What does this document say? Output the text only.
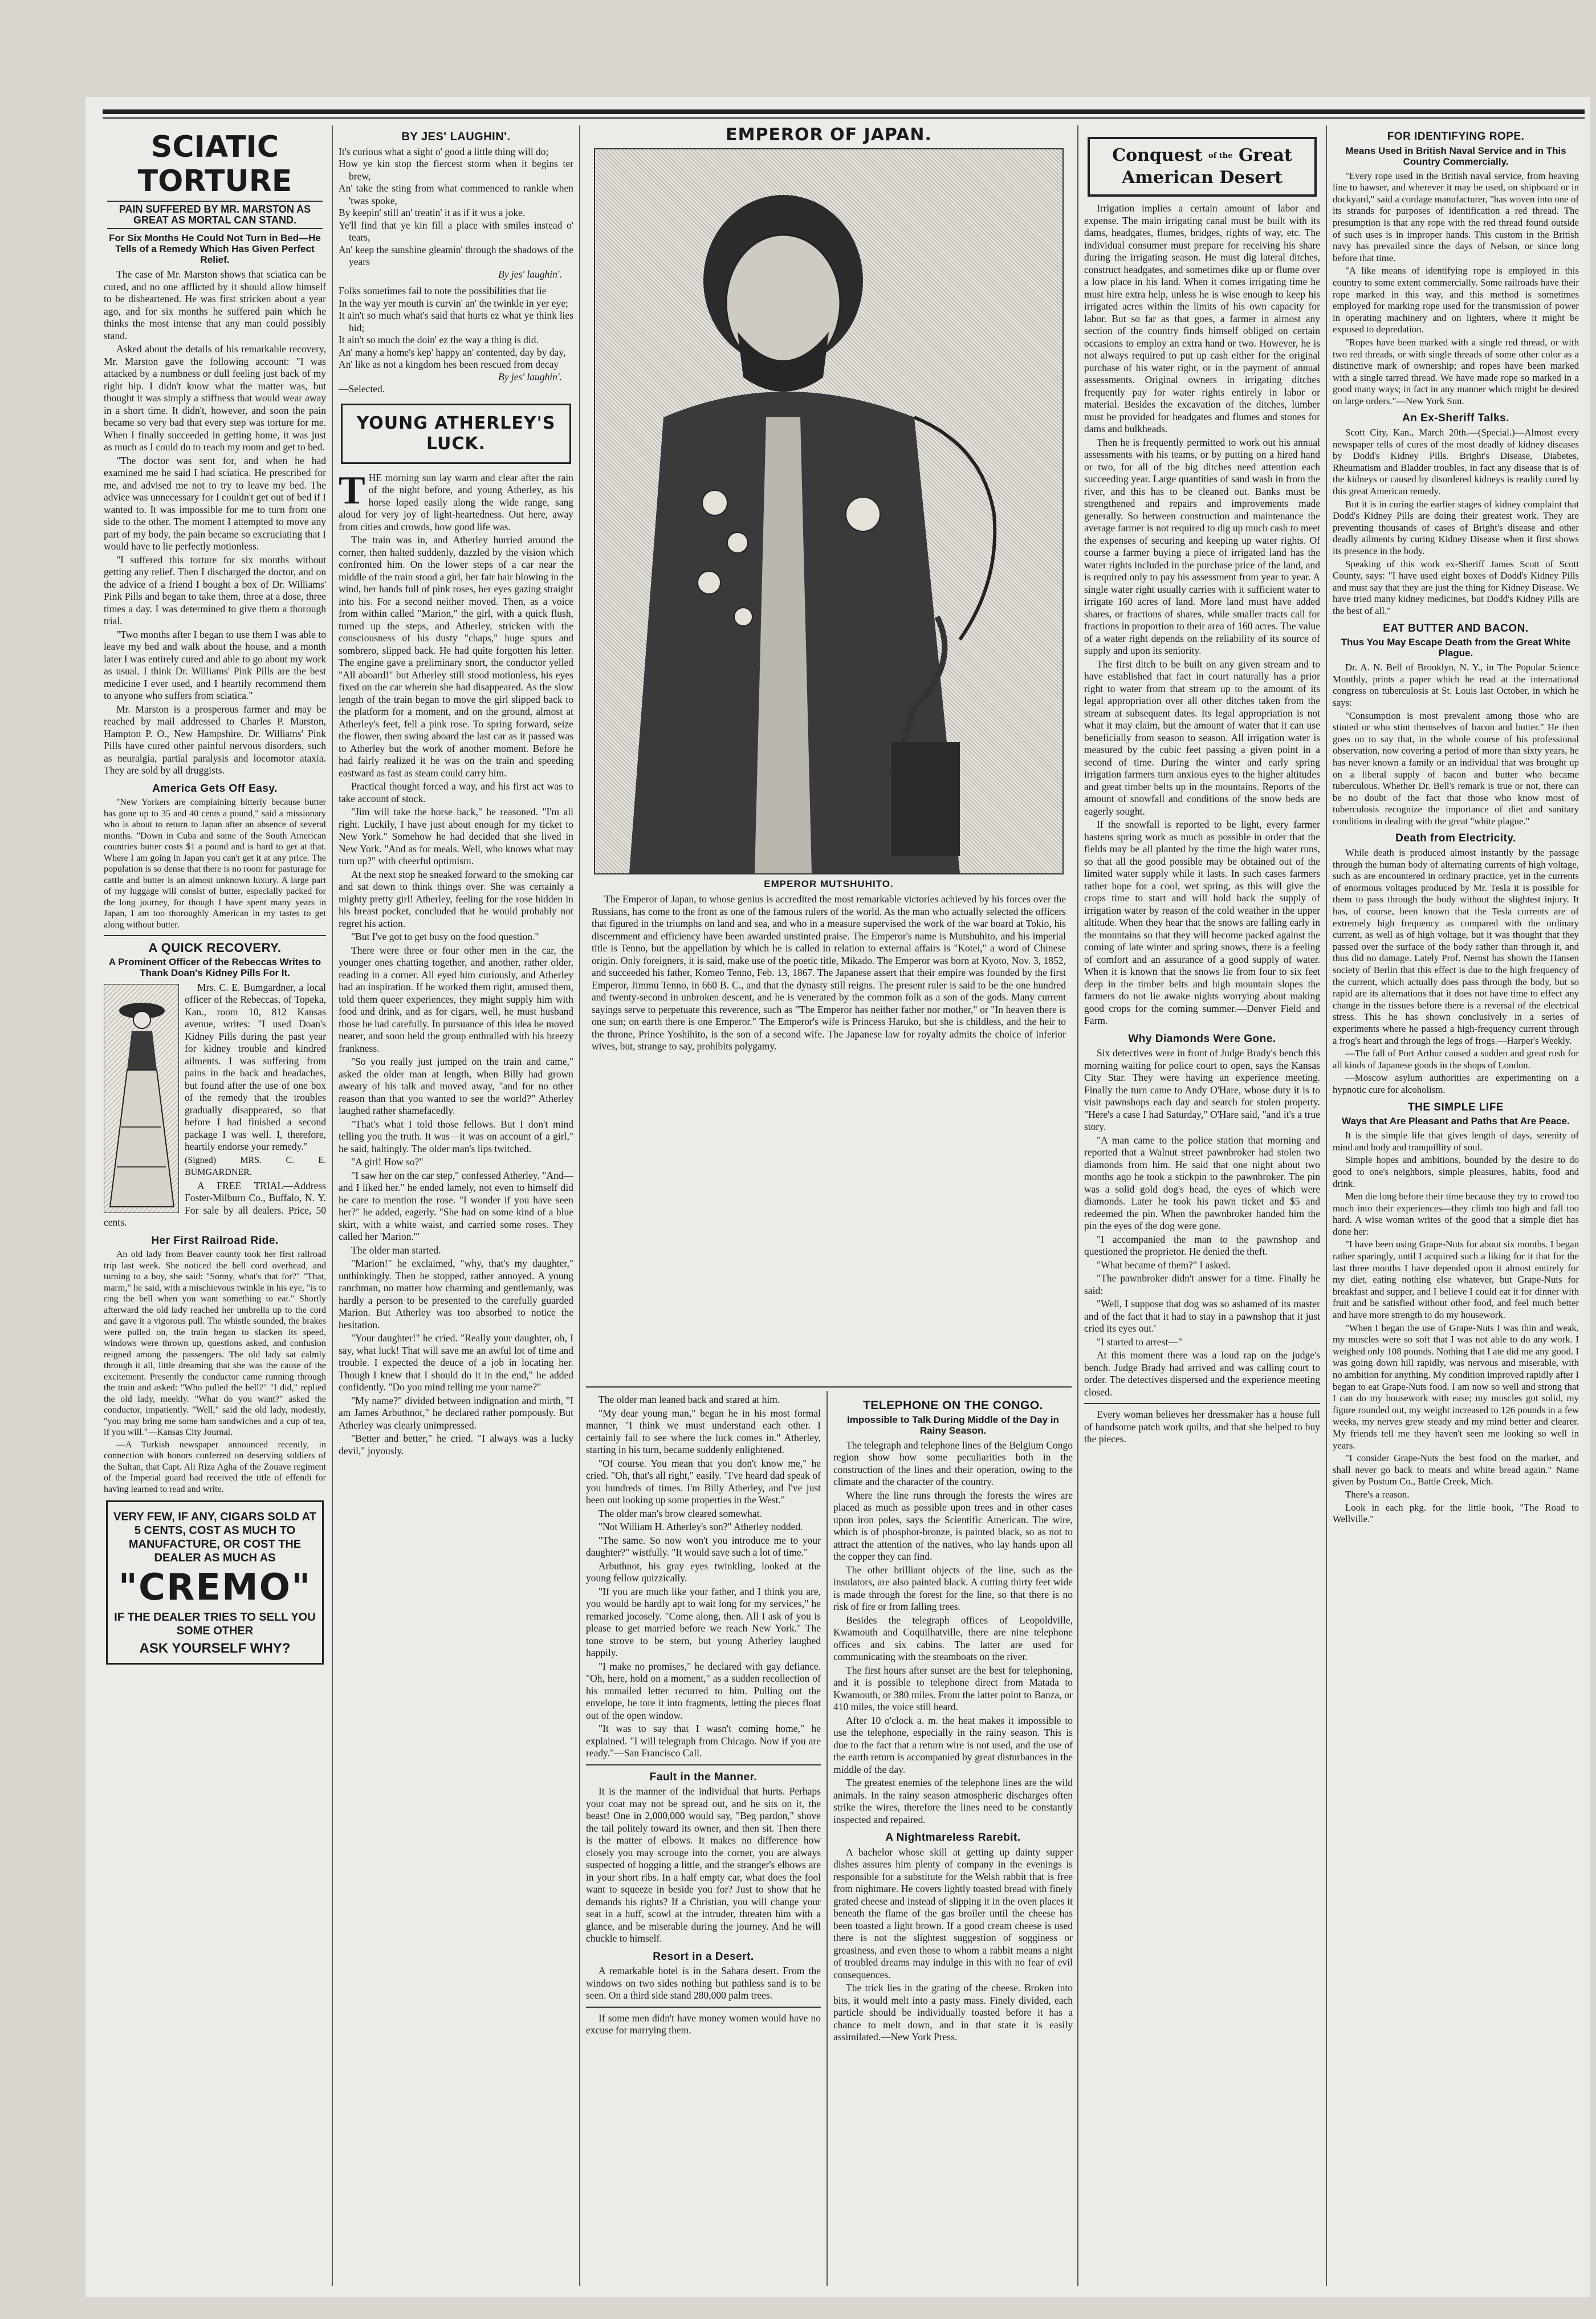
SCIATIC TORTURE
PAIN SUFFERED BY MR. MARSTON AS GREAT AS MORTAL CAN STAND.
For Six Months He Could Not Turn in Bed—He Tells of a Remedy Which Has Given Perfect Relief.

The case of Mr. Marston shows that sciatica can be cured, and no one afflicted by it should allow himself to be disheartened. He was first stricken about a year ago, and for six months he suffered pain which he thinks the most intense that any man could possibly stand.

Asked about the details of his remarkable recovery, Mr. Marston gave the following account: "I was attacked by a numbness or dull feeling just back of my right hip. I didn't know what the matter was, but thought it was simply a stiffness that would wear away in a short time. It didn't, however, and soon the pain became so very bad that every step was torture for me. When I finally succeeded in getting home, it was just as much as I could do to reach my room and get to bed.

"The doctor was sent for, and when he had examined me he said I had sciatica. He prescribed for me, and advised me not to try to leave my bed. The advice was unnecessary for I couldn't get out of bed if I wanted to. It was impossible for me to turn from one side to the other. The moment I attempted to move any part of my body, the pain became so excruciating that I would have to lie perfectly motionless.

"I suffered this torture for six months without getting any relief. Then I discharged the doctor, and on the advice of a friend I bought a box of Dr. Williams' Pink Pills and began to take them, three at a dose, three times a day. I was determined to give them a thorough trial.

"Two months after I began to use them I was able to leave my bed and walk about the house, and a month later I was entirely cured and able to go about my work as usual. I think Dr. Williams' Pink Pills are the best medicine I ever used, and I heartily recommend them to anyone who suffers from sciatica."

Mr. Marston is a prosperous farmer and may be reached by mail addressed to Charles P. Marston, Hampton P. O., New Hampshire. Dr. Williams' Pink Pills have cured other painful nervous disorders, such as neuralgia, partial paralysis and locomotor ataxia. They are sold by all druggists.

America Gets Off Easy.

"New Yorkers are complaining bitterly because butter has gone up to 35 and 40 cents a pound," said a missionary who is about to return to Japan after an absence of several months. "Down in Cuba and some of the South American countries butter costs $1 a pound and is hard to get at that. Where I am going in Japan you can't get it at any price. The population is so dense that there is no room for pasturage for cattle and butter is an almost unknown luxury. A large part of my luggage will consist of butter, especially packed for the long journey, for though I have spent many years in Japan, I am too thoroughly American in my tastes to get along without butter.

A QUICK RECOVERY.
A Prominent Officer of the Rebeccas Writes to Thank Doan's Kidney Pills For It.

Mrs. C. E. Bumgardner, a local officer of the Rebeccas, of Topeka, Kan., room 10, 812 Kansas avenue, writes: "I used Doan's Kidney Pills during the past year for kidney trouble and kindred ailments. I was suffering from pains in the back and headaches, but found after the use of one box of the remedy that the troubles gradually disappeared, so that before I had finished a second package I was well. I, therefore, heartily endorse your remedy."

(Signed) MRS. C. E. BUMGARDNER.

A FREE TRIAL—Address Foster-Milburn Co., Buffalo, N. Y. For sale by all dealers. Price, 50 cents.

Her First Railroad Ride.

An old lady from Beaver county took her first railroad trip last week. She noticed the bell cord overhead, and turning to a boy, she said: "Sonny, what's that for?" "That, marm," he said, with a mischievous twinkle in his eye, "is to ring the bell when you want something to eat." Shortly afterward the old lady reached her umbrella up to the cord and gave it a vigorous pull. The whistle sounded, the brakes were pulled on, the train began to slacken its speed, windows were thrown up, questions asked, and confusion reigned among the passengers. The old lady sat calmly through it all, little dreaming that she was the cause of the excitement. Presently the conductor came running through the train and asked: "Who pulled the bell?" "I did," replied the old lady, meekly. "What do you want?" asked the conductor, impatiently. "Well," said the old lady, modestly, "you may bring me some ham sandwiches and a cup of tea, if you will."—Kansas City Journal.

—A Turkish newspaper announced recently, in connection with honors conferred on deserving soldiers of the Sultan, that Capt. Ali Riza Agha of the Zouave regiment of the Imperial guard had received the title of effendi for having learned to read and write.

VERY FEW, IF ANY, CIGARS SOLD AT 5 CENTS, COST AS MUCH TO MANUFACTURE, OR COST THE DEALER AS MUCH AS
"CREMO"
IF THE DEALER TRIES TO SELL YOU SOME OTHER
ASK YOURSELF WHY?
BY JES' LAUGHIN'.
It's curious what a sight o' good a little thing will do;
How ye kin stop the fiercest storm when it begins ter brew,
An' take the sting from what commenced to rankle when 'twas spoke,
By keepin' still an' treatin' it as if it wus a joke.
Ye'll find that ye kin fill a place with smiles instead o' tears,
An' keep the sunshine gleamin' through the shadows of the years
By jes' laughin'.
Folks sometimes fail to note the possibilities that lie
In the way yer mouth is curvin' an' the twinkle in yer eye;
It ain't so much what's said that hurts ez what ye think lies hid;
It ain't so much the doin' ez the way a thing is did.
An' many a home's kep' happy an' contented, day by day,
An' like as not a kingdom hes been rescued from decay
By jes' laughin'.

—Selected.

YOUNG ATHERLEY'S LUCK.

THE morning sun lay warm and clear after the rain of the night before, and young Atherley, as his horse loped easily along the wide range, sang aloud for very joy of light-heartedness. Out here, away from cities and crowds, how good life was.

The train was in, and Atherley hurried around the corner, then halted suddenly, dazzled by the vision which confronted him. On the lower steps of a car near the middle of the train stood a girl, her fair hair blowing in the wind, her hands full of pink roses, her eyes gazing straight into his. For a second neither moved. Then, as a voice from within called "Marion," the girl, with a quick flush, turned up the steps, and Atherley, stricken with the consciousness of his dusty "chaps," huge spurs and sombrero, slipped back. He had quite forgotten his letter. The engine gave a preliminary snort, the conductor yelled "All aboard!" but Atherley still stood motionless, his eyes fixed on the car wherein she had disappeared. As the slow length of the train began to move the girl slipped back to the platform for a moment, and on the ground, almost at Atherley's feet, fell a pink rose. To spring forward, seize the flower, then swing aboard the last car as it passed was to Atherley but the work of another moment. Before he had fairly realized it he was on the train and speeding eastward as fast as steam could carry him.

Practical thought forced a way, and his first act was to take account of stock.

"Jim will take the horse back," he reasoned. "I'm all right. Luckily, I have just about enough for my ticket to New York." Somehow he had decided that she lived in New York. "And as for meals. Well, who knows what may turn up?" with cheerful optimism.

At the next stop he sneaked forward to the smoking car and sat down to think things over. She was certainly a mighty pretty girl! Atherley, feeling for the rose hidden in his breast pocket, concluded that he would probably not regret his action.

"But I've got to get busy on the food question."

There were three or four other men in the car, the younger ones chatting together, and another, rather older, reading in a corner. All eyed him curiously, and Atherley had an inspiration. If he worked them right, amused them, told them queer experiences, they might supply him with food and drink, and as for cigars, well, he must husband those he had carefully. In pursuance of this idea he moved nearer, and soon held the group enthralled with his breezy frankness.

"So you really just jumped on the train and came," asked the older man at length, when Billy had grown aweary of his talk and moved away, "and for no other reason than that you wanted to see the world?" Atherley laughed rather shamefacedly.

"That's what I told those fellows. But I don't mind telling you the truth. It was—it was on account of a girl," he said, haltingly. The older man's lips twitched.

"A girl! How so?"

"I saw her on the car step," confessed Atherley. "And—and I liked her." he ended lamely, not even to himself did he care to mention the rose. "I wonder if you have seen her?" he added, eagerly. "She had on some kind of a blue skirt, with a white waist, and carried some roses. They called her 'Marion.'"

The older man started.

"Marion!" he exclaimed, "why, that's my daughter," unthinkingly. Then he stopped, rather annoyed. A young ranchman, no matter how charming and gentlemanly, was hardly a person to be presented to the carefully guarded Marion. But Atherley was too absorbed to notice the hesitation.

"Your daughter!" he cried. "Really your daughter, oh, I say, what luck! That will save me an awful lot of time and trouble. I expected the deuce of a job in locating her. Though I knew that I should do it in the end," he added confidently. "Do you mind telling me your name?"

"My name?" divided between indignation and mirth, "I am James Arbuthnot," he declared rather pompously. But Atherley was clearly unimpressed.

"Better and better," he cried. "I always was a lucky devil," joyously.

EMPEROR OF JAPAN.
EMPEROR MUTSHUHITO.

The Emperor of Japan, to whose genius is accredited the most remarkable victories achieved by his forces over the Russians, has come to the front as one of the famous rulers of the world. As the man who actually selected the officers that figured in the triumphs on land and sea, and who in a measure supervised the work of the war board at Tokio, his discernment and efficiency have been awarded unstinted praise. The Emperor's name is Mutshuhito, and his imperial title is Tenno, but the appellation by which he is called in relation to external affairs is "Kotei," a word of Chinese origin. Only foreigners, it is said, make use of the poetic title, Mikado. The Emperor was born at Kyoto, Nov. 3, 1852, and succeeded his father, Komeo Tenno, Feb. 13, 1867. The Japanese assert that their empire was founded by the first Emperor, Jimmu Tenno, in 660 B. C., and that the dynasty still reigns. The present ruler is said to be the one hundred and twenty-second in unbroken descent, and he is venerated by the common folk as a son of the gods. Many current sayings serve to perpetuate this reverence, such as "The Emperor has neither father nor mother," or "In heaven there is one sun; on earth there is one Emperor." The Emperor's wife is Princess Haruko, but she is childless, and the heir to the throne, Prince Yoshihito, is the son of a second wife. The Japanese law for royalty admits the choice of inferior wives, but, strange to say, prohibits polygamy.

The older man leaned back and stared at him.

"My dear young man," began he in his most formal manner, "I think we must understand each other. I certainly fail to see where the luck comes in." Atherley, starting in his turn, became suddenly enlightened.

"Of course. You mean that you don't know me," he cried. "Oh, that's all right," easily. "I've heard dad speak of you hundreds of times. I'm Billy Atherley, and I've just been out looking up some properties in the West."

The older man's brow cleared somewhat.

"Not William H. Atherley's son?" Atherley nodded.

"The same. So now won't you introduce me to your daughter?" wistfully. "It would save such a lot of time."

Arbuthnot, his gray eyes twinkling, looked at the young fellow quizzically.

"If you are much like your father, and I think you are, you would be hardly apt to wait long for my services," he remarked jocosely. "Come along, then. All I ask of you is please to get married before we reach New York." The tone strove to be stern, but young Atherley laughed happily.

"I make no promises," he declared with gay defiance. "Oh, here, hold on a moment," as a sudden recollection of his unmailed letter recurred to him. Pulling out the envelope, he tore it into fragments, letting the pieces float out of the open window.

"It was to say that I wasn't coming home," he explained. "I will telegraph from Chicago. Now if you are ready."—San Francisco Call.

Fault in the Manner.

It is the manner of the individual that hurts. Perhaps your coat may not be spread out, and he sits on it, the beast! One in 2,000,000 would say, "Beg pardon," shove the tail politely toward its owner, and then sit. Then there is the matter of elbows. It makes no difference how closely you may scrouge into the corner, you are always suspected of hogging a little, and the stranger's elbows are in your short ribs. In a half empty car, what does the fool want to squeeze in beside you for? Just to show that he demands his rights? If a Christian, you will change your seat in a huff, scowl at the intruder, threaten him with a glance, and be miserable during the journey. And he will chuckle to himself.

Resort in a Desert.

A remarkable hotel is in the Sahara desert. From the windows on two sides nothing but pathless sand is to be seen. On a third side stand 280,000 palm trees.

If some men didn't have money women would have no excuse for marrying them.

TELEPHONE ON THE CONGO.
Impossible to Talk During Middle of the Day in Rainy Season.

The telegraph and telephone lines of the Belgium Congo region show how some peculiarities both in the construction of the lines and their operation, owing to the climate and the character of the country.

Where the line runs through the forests the wires are placed as much as possible upon trees and in other cases upon iron poles, says the Scientific American. The wire, which is of phosphor-bronze, is painted black, so as not to attract the attention of the natives, who lay hands upon all the copper they can find.

The other brilliant objects of the line, such as the insulators, are also painted black. A cutting thirty feet wide is made through the forest for the line, so that there is no risk of fire or from falling trees.

Besides the telegraph offices of Leopoldville, Kwamouth and Coquilhatville, there are nine telephone offices and six cabins. The latter are used for communicating with the steamboats on the river.

The first hours after sunset are the best for telephoning, and it is possible to telephone direct from Matada to Kwamouth, or 380 miles. From the latter point to Banza, or 410 miles, the voice still heard.

After 10 o'clock a. m. the heat makes it impossible to use the telephone, especially in the rainy season. This is due to the fact that a return wire is not used, and the use of the earth return is accompanied by great disturbances in the middle of the day.

The greatest enemies of the telephone lines are the wild animals. In the rainy season atmospheric discharges often strike the wires, therefore the lines need to be constantly inspected and repaired.

A Nightmareless Rarebit.

A bachelor whose skill at getting up dainty supper dishes assures him plenty of company in the evenings is responsible for a substitute for the Welsh rabbit that is free from nightmare. He covers lightly toasted bread with finely grated cheese and instead of slipping it in the oven places it beneath the flame of the gas broiler until the cheese has been toasted a light brown. If a good cream cheese is used there is not the slightest suggestion of sogginess or greasiness, and even those to whom a rabbit means a night of troubled dreams may indulge in this with no fear of evil consequences.

The trick lies in the grating of the cheese. Broken into bits, it would melt into a pasty mass. Finely divided, each particle should be individually toasted before it has a chance to melt down, and in that state it is easily assimilated.—New York Press.

Conquest of the Great
American Desert

Irrigation implies a certain amount of labor and expense. The main irrigating canal must be built with its dams, headgates, flumes, bridges, rights of way, etc. The individual consumer must prepare for receiving his share during the irrigating season. He must dig lateral ditches, construct headgates, and sometimes dike up or flume over a low place in his land. When it comes irrigating time he must hire extra help, unless he is wise enough to keep his irrigated acres within the limits of his own capacity for labor. But so far as that goes, a farmer in almost any section of the country finds himself obliged on certain occasions to employ an extra hand or two. However, he is not always required to put up cash either for the original purchase of his water right, or in the payment of annual assessments. Original owners in irrigating ditches frequently pay for water rights entirely in labor or material. Besides the excavation of the ditches, lumber must be provided for headgates and flumes and stones for dams and bulkheads.

Then he is frequently permitted to work out his annual assessments with his teams, or by putting on a hired hand or two, for all of the big ditches need attention each succeeding year. Large quantities of sand wash in from the river, and this has to be cleaned out. Banks must be strengthened and repairs and improvements made generally. So between construction and maintenance the average farmer is not required to dig up much cash to meet the expenses of securing and keeping up water rights. Of course a farmer buying a piece of irrigated land has the water rights included in the purchase price of the land, and is required only to pay his assessment from year to year. A single water right usually carries with it sufficient water to irrigate 160 acres of land. More land must have added shares, or fractions of shares, while smaller tracts call for fractions in proportion to their area of 160 acres. The value of a water right depends on the reliability of its source of supply and upon its seniority.

The first ditch to be built on any given stream and to have established that fact in court naturally has a prior right to water from that stream up to the amount of its legal appropriation over all other ditches taken from the stream at subsequent dates. Its legal appropriation is not what it may claim, but the amount of water that it can use beneficially from season to season. All irrigation water is measured by the cubic feet passing a given point in a second of time. During the winter and early spring irrigation farmers turn anxious eyes to the higher altitudes and great timber belts up in the mountains. Reports of the amount of snowfall and conditions of the snow beds are eagerly sought.

If the snowfall is reported to be light, every farmer hastens spring work as much as possible in order that the fields may be all planted by the time the high water runs, so that all the good possible may be obtained out of the limited water supply while it lasts. In such cases farmers rather hope for a cool, wet spring, as this will give the crops time to start and will hold back the supply of irrigation water by reason of the cold weather in the upper altitude. When they hear that the snows are falling early in the mountains so that they will become packed against the coming of late winter and spring snows, there is a feeling of comfort and an assurance of a good supply of water. When it is known that the snows lie from four to six feet deep in the timber belts and high mountain slopes the farmers do not lie awake nights worrying about making good crops for the coming summer.—Denver Field and Farm.

Why Diamonds Were Gone.

Six detectives were in front of Judge Brady's bench this morning waiting for police court to open, says the Kansas City Star. They were having an experience meeting. Finally the turn came to Andy O'Hare, whose duty it is to visit pawnshops each day and search for stolen property. "Here's a case I had Saturday," O'Hare said, "and it's a true story.

"A man came to the police station that morning and reported that a Walnut street pawnbroker had stolen two diamonds from him. He said that one night about two months ago he took a stickpin to the pawnbroker. The pin was a solid gold dog's head, the eyes of which were diamonds. Later he took his pawn ticket and $5 and redeemed the pin. When the pawnbroker handed him the pin the eyes of the dog were gone.

"I accompanied the man to the pawnshop and questioned the proprietor. He denied the theft.

"What became of them?" I asked.

"The pawnbroker didn't answer for a time. Finally he said:

"Well, I suppose that dog was so ashamed of its master and of the fact that it had to stay in a pawnshop that it just cried its eyes out.'

"I started to arrest—"

At this moment there was a loud rap on the judge's bench. Judge Brady had arrived and was calling court to order. The detectives dispersed and the experience meeting closed.

Every woman believes her dressmaker has a house full of handsome patch work quilts, and that she helped to buy the pieces.

FOR IDENTIFYING ROPE.
Means Used in British Naval Service and in This Country Commercially.

"Every rope used in the British naval service, from heaving line to hawser, and wherever it may be used, on shipboard or in dockyard," said a cordage manufacturer, "has woven into one of its strands for purposes of identification a red thread. The presumption is that any rope with the red thread found outside of such uses is in improper hands. This custom in the British navy has prevailed since the days of Nelson, or since long before that time.

"A like means of identifying rope is employed in this country to some extent commercially. Some railroads have their rope marked in this way, and this method is sometimes employed for marking rope used for the transmission of power in operating machinery and on lighters, where it might be exposed to depredation.

"Ropes have been marked with a single red thread, or with two red threads, or with single threads of some other color as a distinctive mark of ownership; and ropes have been marked with a single tarred thread. We have made rope so marked in a good many ways; in fact in any manner which might be desired on large orders."—New York Sun.

An Ex-Sheriff Talks.

Scott City, Kan., March 20th.—(Special.)—Almost every newspaper tells of cures of the most deadly of kidney diseases by Dodd's Kidney Pills. Bright's Disease, Diabetes, Rheumatism and Bladder troubles, in fact any disease that is of the kidneys or caused by disordered kidneys is readily cured by this great American remedy.

But it is in curing the earlier stages of kidney complaint that Dodd's Kidney Pills are doing their greatest work. They are preventing thousands of cases of Bright's disease and other deadly ailments by curing Kidney Disease when it first shows its presence in the body.

Speaking of this work ex-Sheriff James Scott of Scott County, says: "I have used eight boxes of Dodd's Kidney Pills and must say that they are just the thing for Kidney Disease. We have tried many kidney medicines, but Dodd's Kidney Pills are the best of all."

EAT BUTTER AND BACON.
Thus You May Escape Death from the Great White Plague.

Dr. A. N. Bell of Brooklyn, N. Y., in The Popular Science Monthly, prints a paper which he read at the international congress on tuberculosis at St. Louis last October, in which he says:

"Consumption is most prevalent among those who are stinted or who stint themselves of bacon and butter." He then goes on to say that, in the whole course of his professional observation, now covering a period of more than sixty years, he has never known a family or an individual that was brought up on a liberal supply of bacon and butter who became tuberculous. Whether Dr. Bell's remark is true or not, there can be no doubt of the fact that those who know most of tuberculosis recognize the importance of diet and sanitary conditions in dealing with the great "white plague."

Death from Electricity.

While death is produced almost instantly by the passage through the human body of alternating currents of high voltage, such as are encountered in ordinary practice, yet in the currents of enormous voltages produced by Mr. Tesla it is possible for them to pass through the body without the slightest injury. It has, of course, been known that the Tesla currents are of extremely high frequency as compared with the ordinary current, as well as of high voltage, but it was thought that they passed over the surface of the body rather than through it, and thus did no damage. Lately Prof. Nernst has shown the Hansen society of Berlin that this effect is due to the high frequency of the current, which actually does pass through the body, but so rapid are its alternations that it does not have time to effect any change in the tissues before there is a reversal of the electrical stress. This he has shown conclusively in a series of experiments where he passed a high-frequency current through a frog's heart and through the legs of frogs.—Harper's Weekly.

—The fall of Port Arthur caused a sudden and great rush for all kinds of Japanese goods in the shops of London.

—Moscow asylum authorities are experimenting on a hypnotic cure for alcoholism.

THE SIMPLE LIFE
Ways that Are Pleasant and Paths that Are Peace.

It is the simple life that gives length of days, serenity of mind and body and tranquillity of soul.

Simple hopes and ambitions, bounded by the desire to do good to one's neighbors, simple pleasures, habits, food and drink.

Men die long before their time because they try to crowd too much into their experiences—they climb too high and fall too hard. A wise woman writes of the good that a simple diet has done her:

"I have been using Grape-Nuts for about six months. I began rather sparingly, until I acquired such a liking for it that for the last three months I have depended upon it almost entirely for my diet, eating nothing else whatever, but Grape-Nuts for breakfast and supper, and I believe I could eat it for dinner with fruit and be satisfied without other food, and feel much better and have more strength to do my housework.

"When I began the use of Grape-Nuts I was thin and weak, my muscles were so soft that I was not able to do any work. I weighed only 108 pounds. Nothing that I ate did me any good. I was going down hill rapidly, was nervous and miserable, with no ambition for anything. My condition improved rapidly after I began to eat Grape-Nuts food. I am now so well and strong that I can do my housework with ease; my muscles got solid, my figure rounded out, my weight increased to 126 pounds in a few weeks, my nerves grew steady and my mind better and clearer. My friends tell me they haven't seen me looking so well in years.

"I consider Grape-Nuts the best food on the market, and shall never go back to meats and white bread again." Name given by Postum Co., Battle Creek, Mich.

There's a reason.

Look in each pkg. for the little book, "The Road to Wellville."
